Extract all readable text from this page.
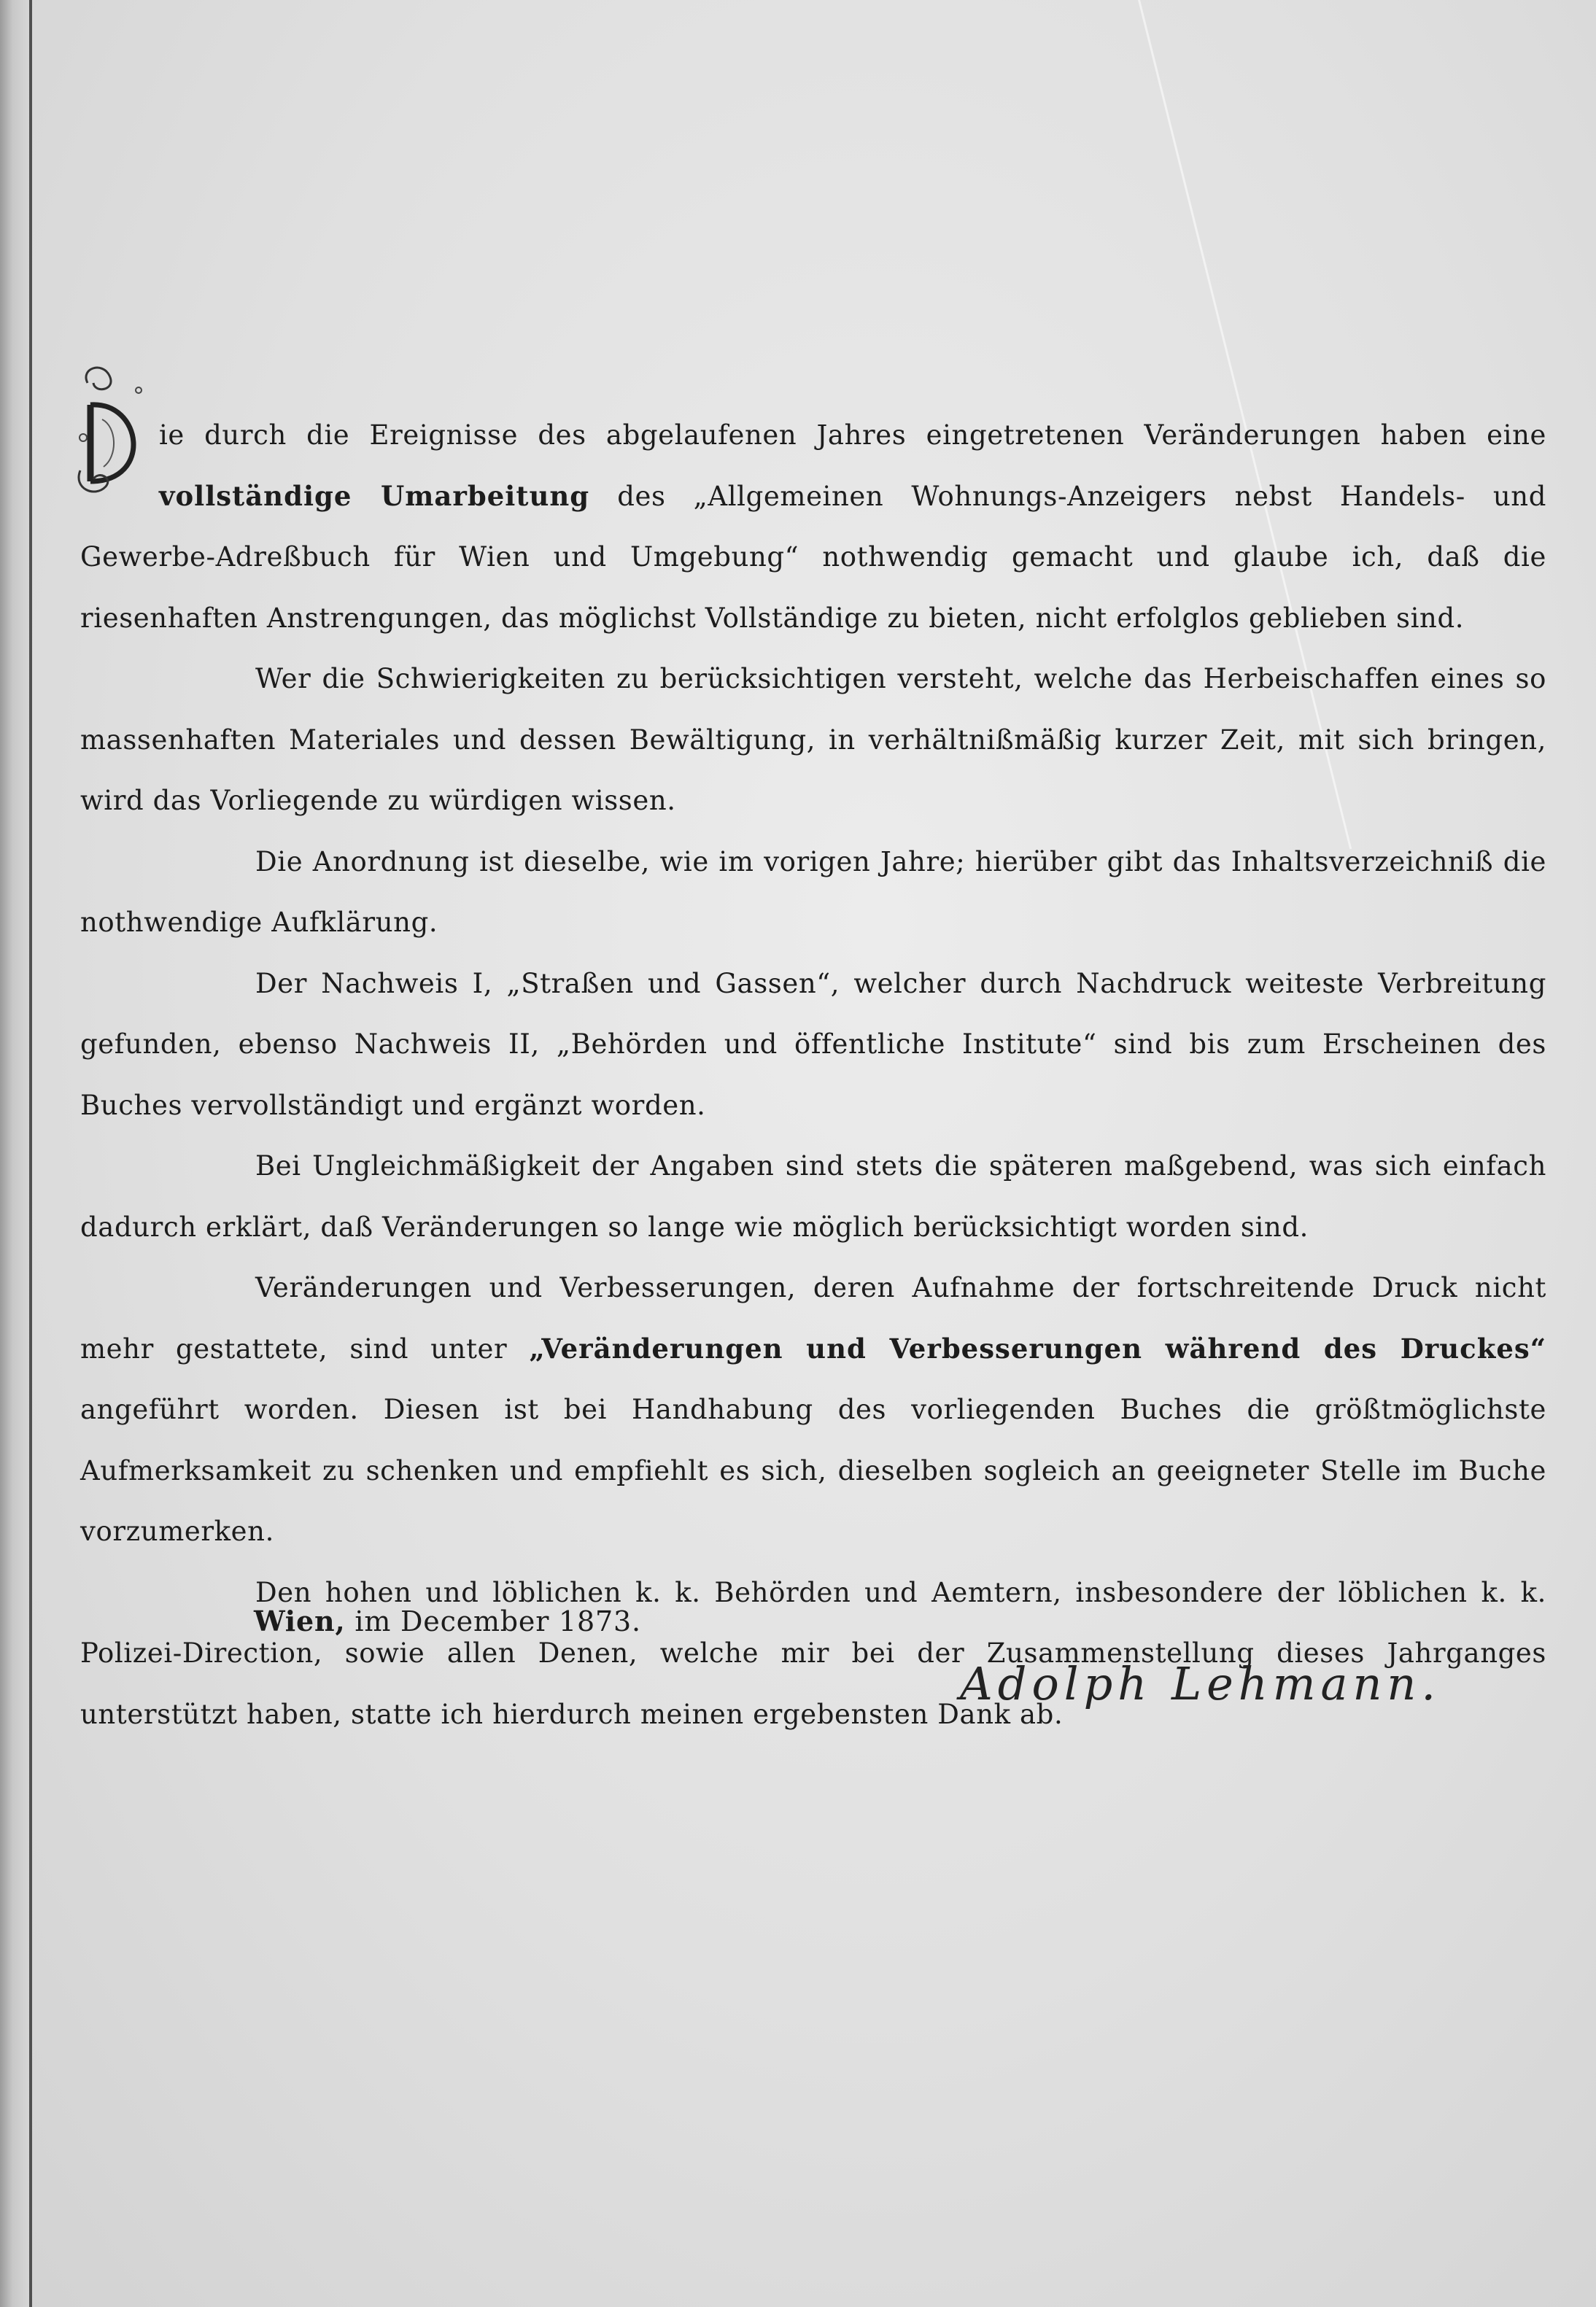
ie durch die Ereignisse des abgelaufenen Jahres eingetretenen Veränderungen haben eine vollständige Umarbeitung des „Allgemeinen Wohnungs-Anzeigers nebst Handels- und Gewerbe-Adreßbuch für Wien und Umgebung“ nothwendig gemacht und glaube ich, daß die riesenhaften Anstrengungen, das möglichst Vollständige zu bieten, nicht erfolglos geblieben sind.

Wer die Schwierigkeiten zu berücksichtigen versteht, welche das Herbeischaffen eines so massenhaften Materiales und dessen Bewältigung, in verhältnißmäßig kurzer Zeit, mit sich bringen, wird das Vorliegende zu würdigen wissen.

Die Anordnung ist dieselbe, wie im vorigen Jahre; hierüber gibt das Inhaltsverzeichniß die nothwendige Aufklärung.

Der Nachweis I, „Straßen und Gassen“, welcher durch Nachdruck weiteste Verbreitung gefunden, ebenso Nachweis II, „Behörden und öffentliche Institute“ sind bis zum Erscheinen des Buches vervollständigt und ergänzt worden.

Bei Ungleichmäßigkeit der Angaben sind stets die späteren maßgebend, was sich einfach dadurch erklärt, daß Veränderungen so lange wie möglich berücksichtigt worden sind.

Veränderungen und Verbesserungen, deren Aufnahme der fortschreitende Druck nicht mehr gestattete, sind unter „Veränderungen und Verbesserungen während des Druckes“ angeführt worden. Diesen ist bei Handhabung des vorliegenden Buches die größtmöglichste Aufmerksamkeit zu schenken und empfiehlt es sich, dieselben sogleich an geeigneter Stelle im Buche vorzumerken.

Den hohen und löblichen k. k. Behörden und Aemtern, insbesondere der löblichen k. k. Polizei-Direction, sowie allen Denen, welche mir bei der Zusammenstellung dieses Jahrganges unterstützt haben, statte ich hierdurch meinen ergebensten Dank ab.

Wien, im December 1873.
Adolph Lehmann.
